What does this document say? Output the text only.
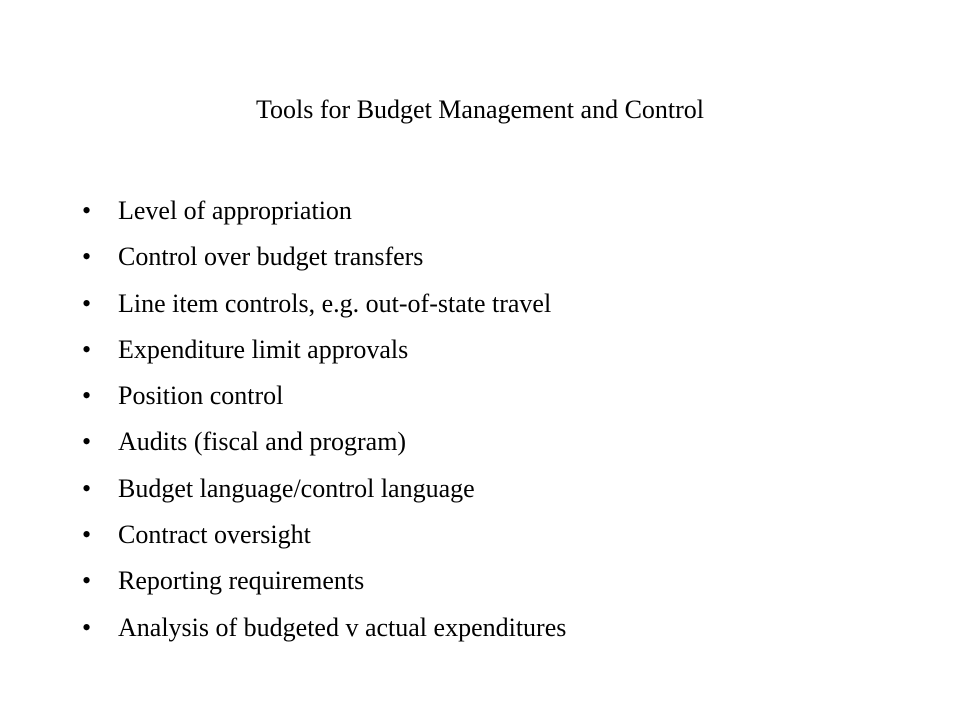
Tools for Budget Management and Control
•	Level of appropriation
•	Control over budget transfers
•	Line item controls, e.g. out-of-state travel
•	Expenditure limit approvals
•	Position control
•	Audits (fiscal and program)
•	Budget language/control language
•	Contract oversight
•	Reporting requirements
•	Analysis of budgeted v actual expenditures
